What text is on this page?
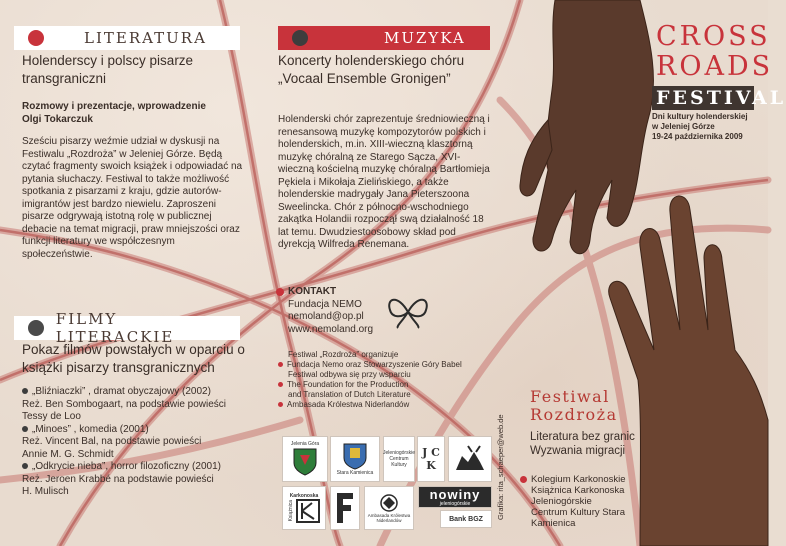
LITERATURA
Holenderscy i polscy pisarze transgraniczni
Rozmowy i prezentacje, wprowadzenie Olgi Tokarczuk
Sześciu pisarzy weźmie udział w dyskusji na Festiwalu „Rozdroża” w Jeleniej Górze. Będą czytać fragmenty swoich książek i odpowiadać na pytania słuchaczy. Festiwal to także możliwość spotkania z pisarzami z kraju, gdzie autorów-imigrantów jest bardzo niewielu. Zaproszeni pisarze odgrywają istotną rolę w publicznej debacie na temat migracji, praw mniejszości oraz funkcji literatury we współczesnym społeczeństwie.
MUZYKA
Koncerty holenderskiego chóru „Vocaal Ensemble Gronigen”
Holenderski chór zaprezentuje średniowieczną i renesansową muzykę kompozytorów polskich i holenderskich, m.in. XIII-wieczną klasztorną muzykę chóralną ze Starego Sącza, XVI-wieczną kościelną muzykę chóralną Bartłomieja Pękiela i Mikołaja Zielińskiego, a także holenderskie madrygały Jana Pieterszoona Sweelincka. Chór z północno-wschodniego zakątka Holandii rozpoczął swą działalność 18 lat temu. Dwudziestoosobowy skład pod dyrekcją Wilfreda Renemana.
KONTAKT
Fundacja NEMO
nemoland@op.pl
www.nemoland.org
FILMY LITERACKIE
Pokaz filmów powstałych w oparciu o książki pisarzy transgranicznych
„Bliźniaczki” , dramat obyczajowy (2002)
Reż. Ben Sombogaart, na podstawie powieści
Tessy de Loo
„Minoes” , komedia (2001)
Reż. Vincent Bal, na podstawie powieści
Annie M. G. Schmidt
„Odkrycie nieba”, horror filozoficzny (2001)
Reż. Jeroen Krabbé na podstawie powieści
H. Mulisch
Festiwal „Rozdroża” organizuje
Fundacja Nemo oraz Stowarzyszenie Góry Babel
Festiwal odbywa się przy wsparciu
The Foundation for the Production
and Translation of Dutch Literature
Ambasada Królestwa Niderlandów
Jelenia Góra
Stara Kamienica
Jeleniogórskie Centrum Kultury
J C K
Karkonoska
Książnica	Ambasada Królestwa Niderlandów
nowiny
jeleniogórskie
Bank BGZ Grafika: rita_schaeper@web.de
CROSS
ROADS
FESTIVAL
Dni kultury holenderskiej
w Jeleniej Górze
19-24 października 2009
Festiwal
Rozdroża
Literatura bez granic
Wyzwania migracji
Kolegium Karkonoskie Książnica Karkonoska Jeleniogórskie Centrum Kultury Stara Kamienica
